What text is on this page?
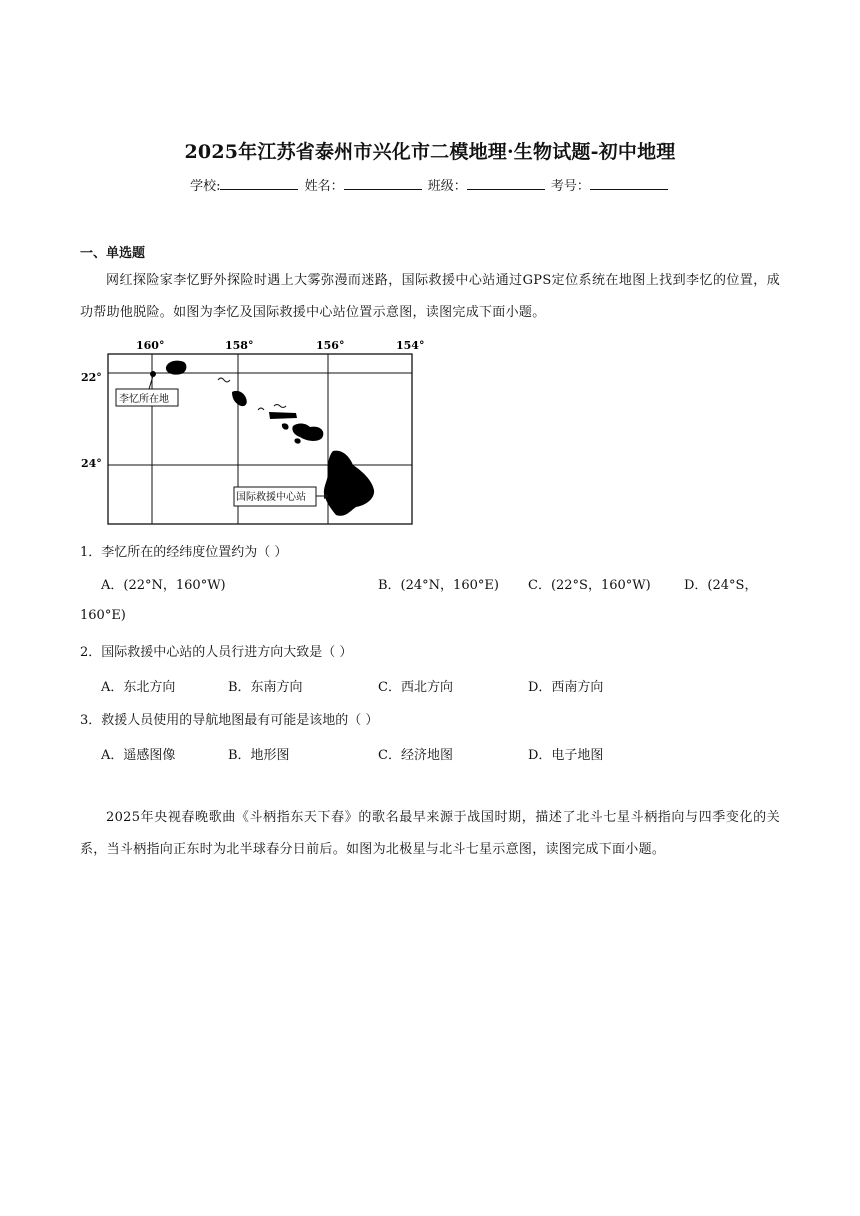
2025年江苏省泰州市兴化市二模地理·生物试题-初中地理
学校:	姓名：	班级：	考号：
一、单选题
网红探险家李忆野外探险时遇上大雾弥漫而迷路，国际救援中心站通过GPS定位系统在地图上找到李忆的位置，成功帮助他脱险。如图为李忆及国际救援中心站位置示意图，读图完成下面小题。
160°	158°	156°	154°
22°
24°
李忆所在地
国际救援中心站
1．李忆所在的经纬度位置约为（ ）
A．(22°N，160°W)	B．(24°N，160°E) C．(22°S，160°W)	D．(24°S，
160°E)
2．国际救援中心站的人员行进方向大致是（ ）
A．东北方向	B．东南方向	C．西北方向	D．西南方向
3．救援人员使用的导航地图最有可能是该地的（ ）
A．遥感图像	B．地形图	C．经济地图	D．电子地图
2025年央视春晚歌曲《斗柄指东天下春》的歌名最早来源于战国时期，描述了北斗七星斗柄指向与四季变化的关系，当斗柄指向正东时为北半球春分日前后。如图为北极星与北斗七星示意图，读图完成下面小题。
